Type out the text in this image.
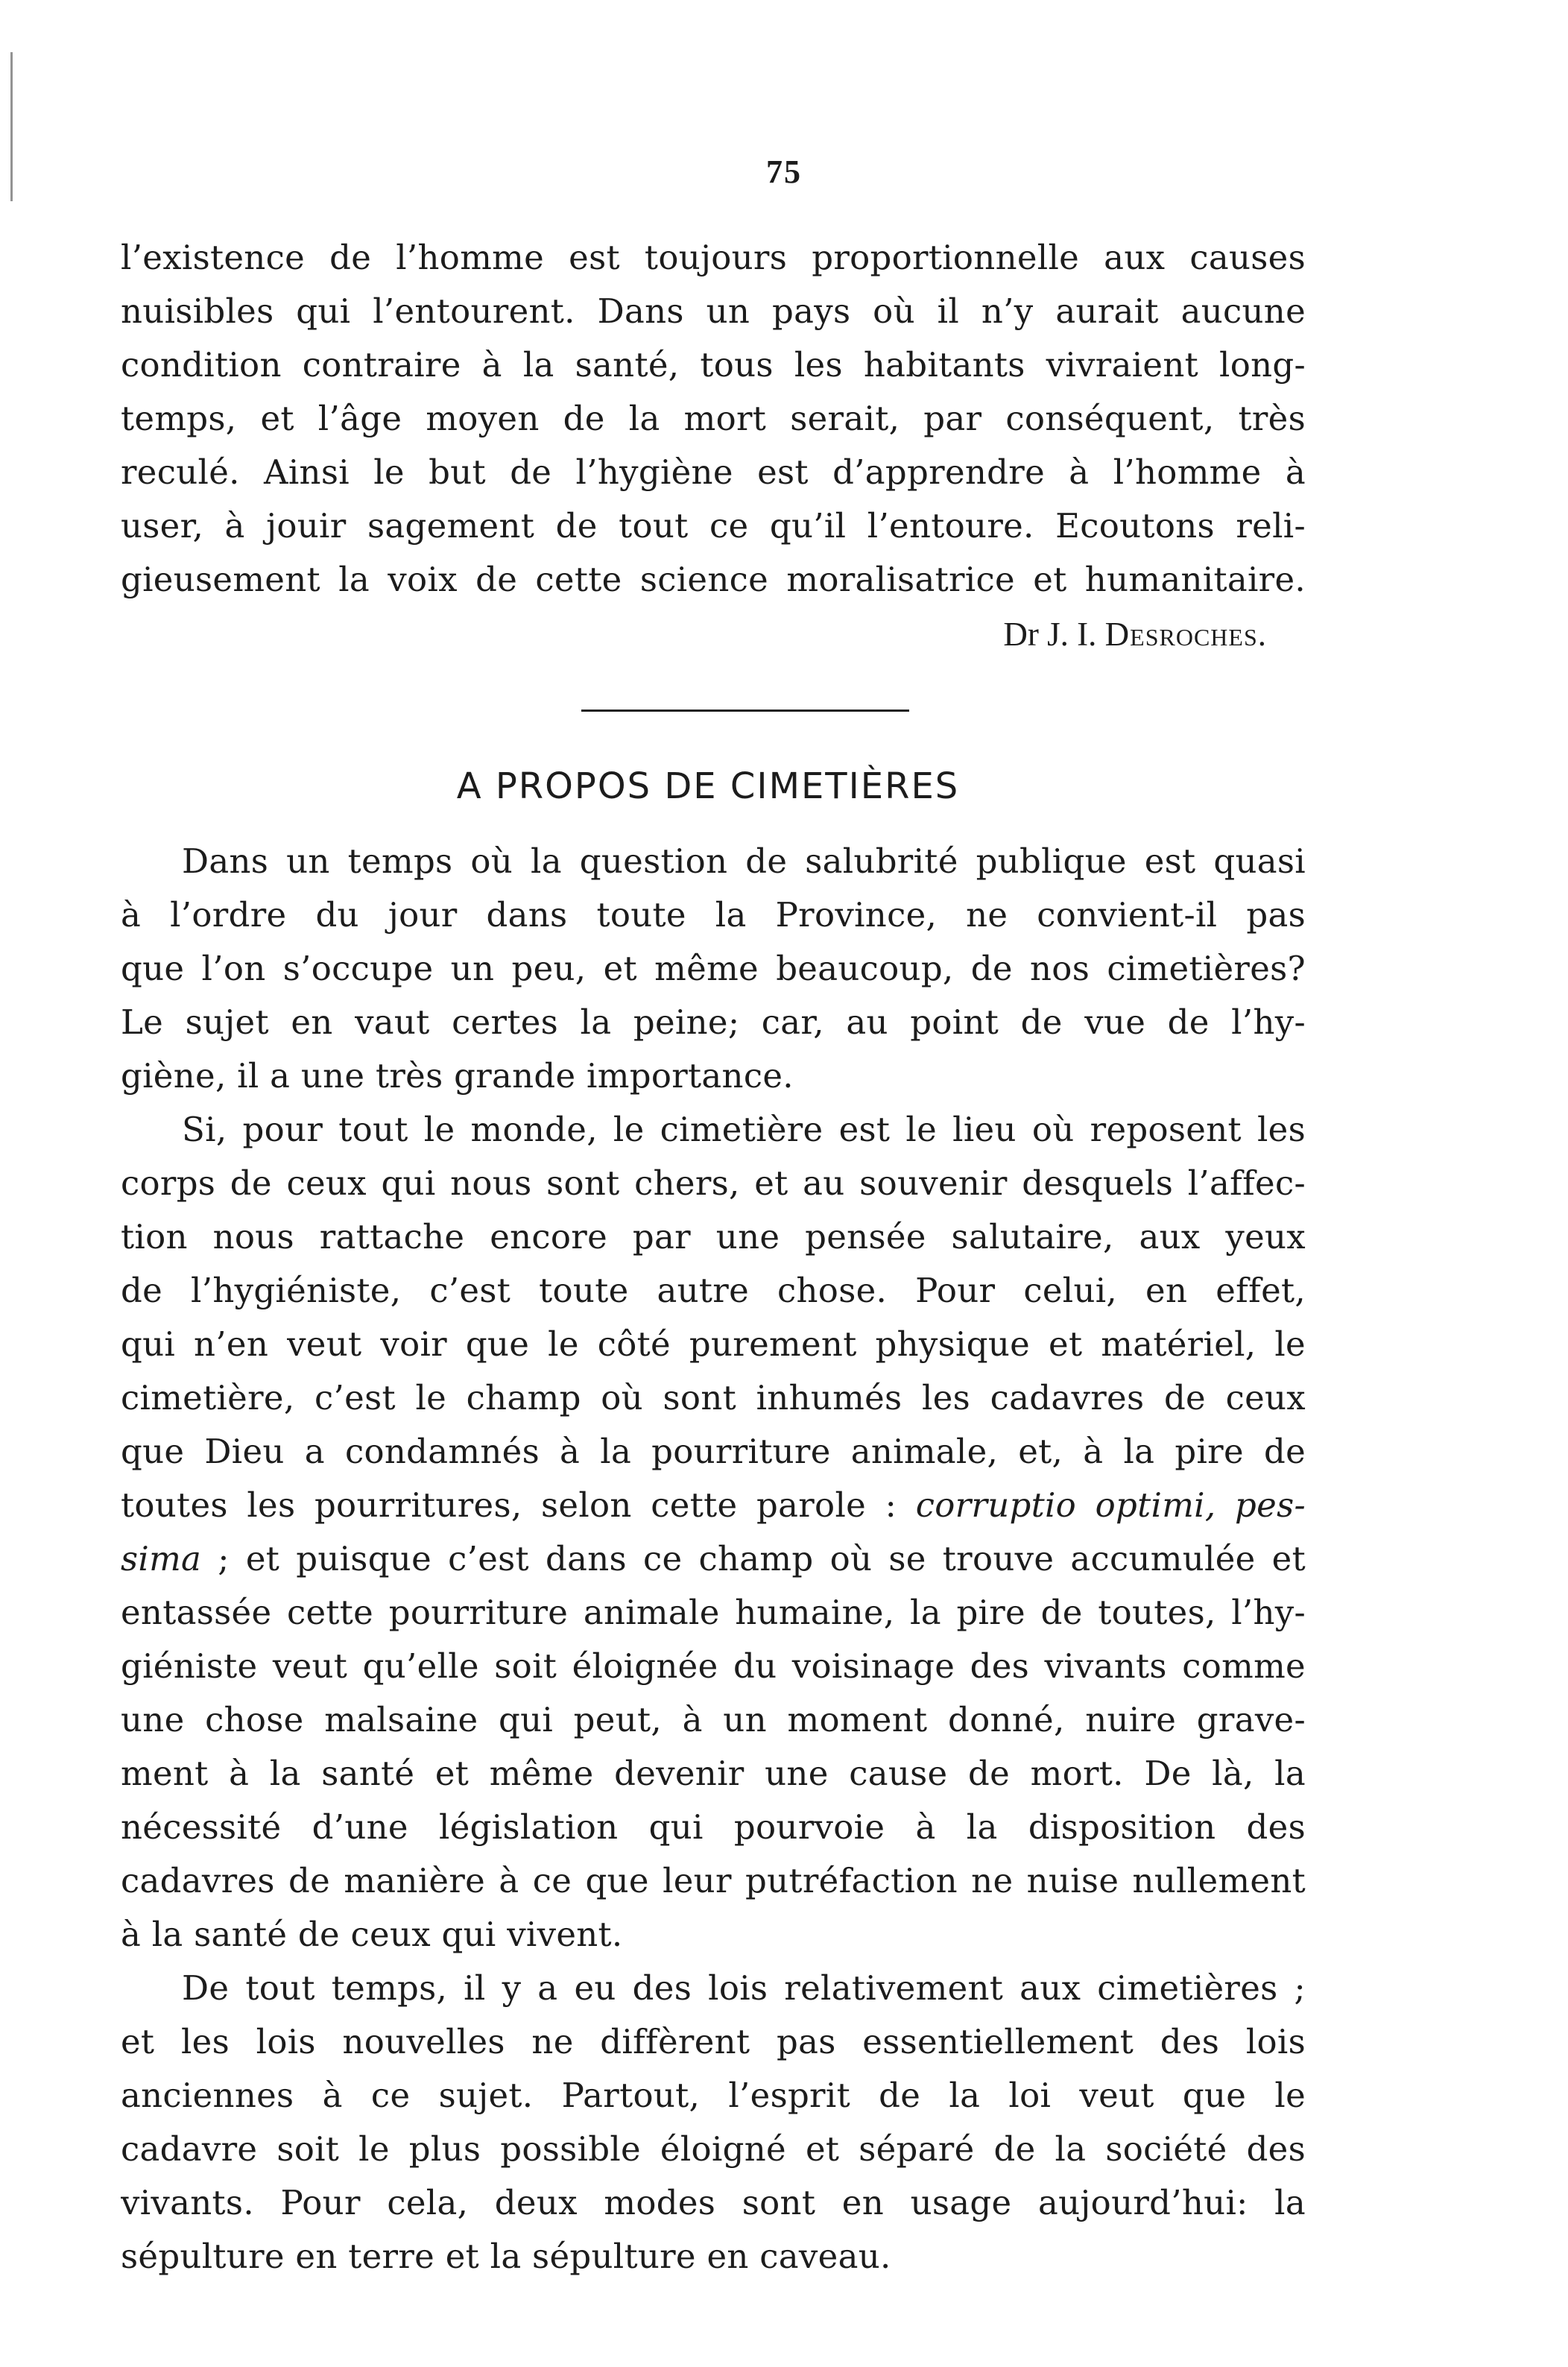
75
l’existence de l’homme est toujours proportionnelle aux causes
nuisibles qui l’entourent. Dans un pays où il n’y aurait aucune
condition contraire à la santé, tous les habitants vivraient long-
temps, et l’âge moyen de la mort serait, par conséquent, très
reculé. Ainsi le but de l’hygiène est d’apprendre à l’homme à
user, à jouir sagement de tout ce qu’il l’entoure. Ecoutons reli-
gieusement la voix de cette science moralisatrice et humanitaire.
Dr J. I. Desroches.
A PROPOS DE CIMETIÈRES
Dans un temps où la question de salubrité publique est quasi
à l’ordre du jour dans toute la Province, ne convient-il pas
que l’on s’occupe un peu, et même beaucoup, de nos cimetières?
Le sujet en vaut certes la peine; car, au point de vue de l’hy-
giène, il a une très grande importance.
Si, pour tout le monde, le cimetière est le lieu où reposent les
corps de ceux qui nous sont chers, et au souvenir desquels l’affec-
tion nous rattache encore par une pensée salutaire, aux yeux
de l’hygiéniste, c’est toute autre chose. Pour celui, en effet,
qui n’en veut voir que le côté purement physique et matériel, le
cimetière, c’est le champ où sont inhumés les cadavres de ceux
que Dieu a condamnés à la pourriture animale, et, à la pire de
toutes les pourritures, selon cette parole : corruptio optimi, pes-
sima ; et puisque c’est dans ce champ où se trouve accumulée et
entassée cette pourriture animale humaine, la pire de toutes, l’hy-
giéniste veut qu’elle soit éloignée du voisinage des vivants comme
une chose malsaine qui peut, à un moment donné, nuire grave-
ment à la santé et même devenir une cause de mort. De là, la
nécessité d’une législation qui pourvoie à la disposition des
cadavres de manière à ce que leur putréfaction ne nuise nullement
à la santé de ceux qui vivent.
De tout temps, il y a eu des lois relativement aux cimetières ;
et les lois nouvelles ne diffèrent pas essentiellement des lois
anciennes à ce sujet. Partout, l’esprit de la loi veut que le
cadavre soit le plus possible éloigné et séparé de la société des
vivants. Pour cela, deux modes sont en usage aujourd’hui: la
sépulture en terre et la sépulture en caveau.
